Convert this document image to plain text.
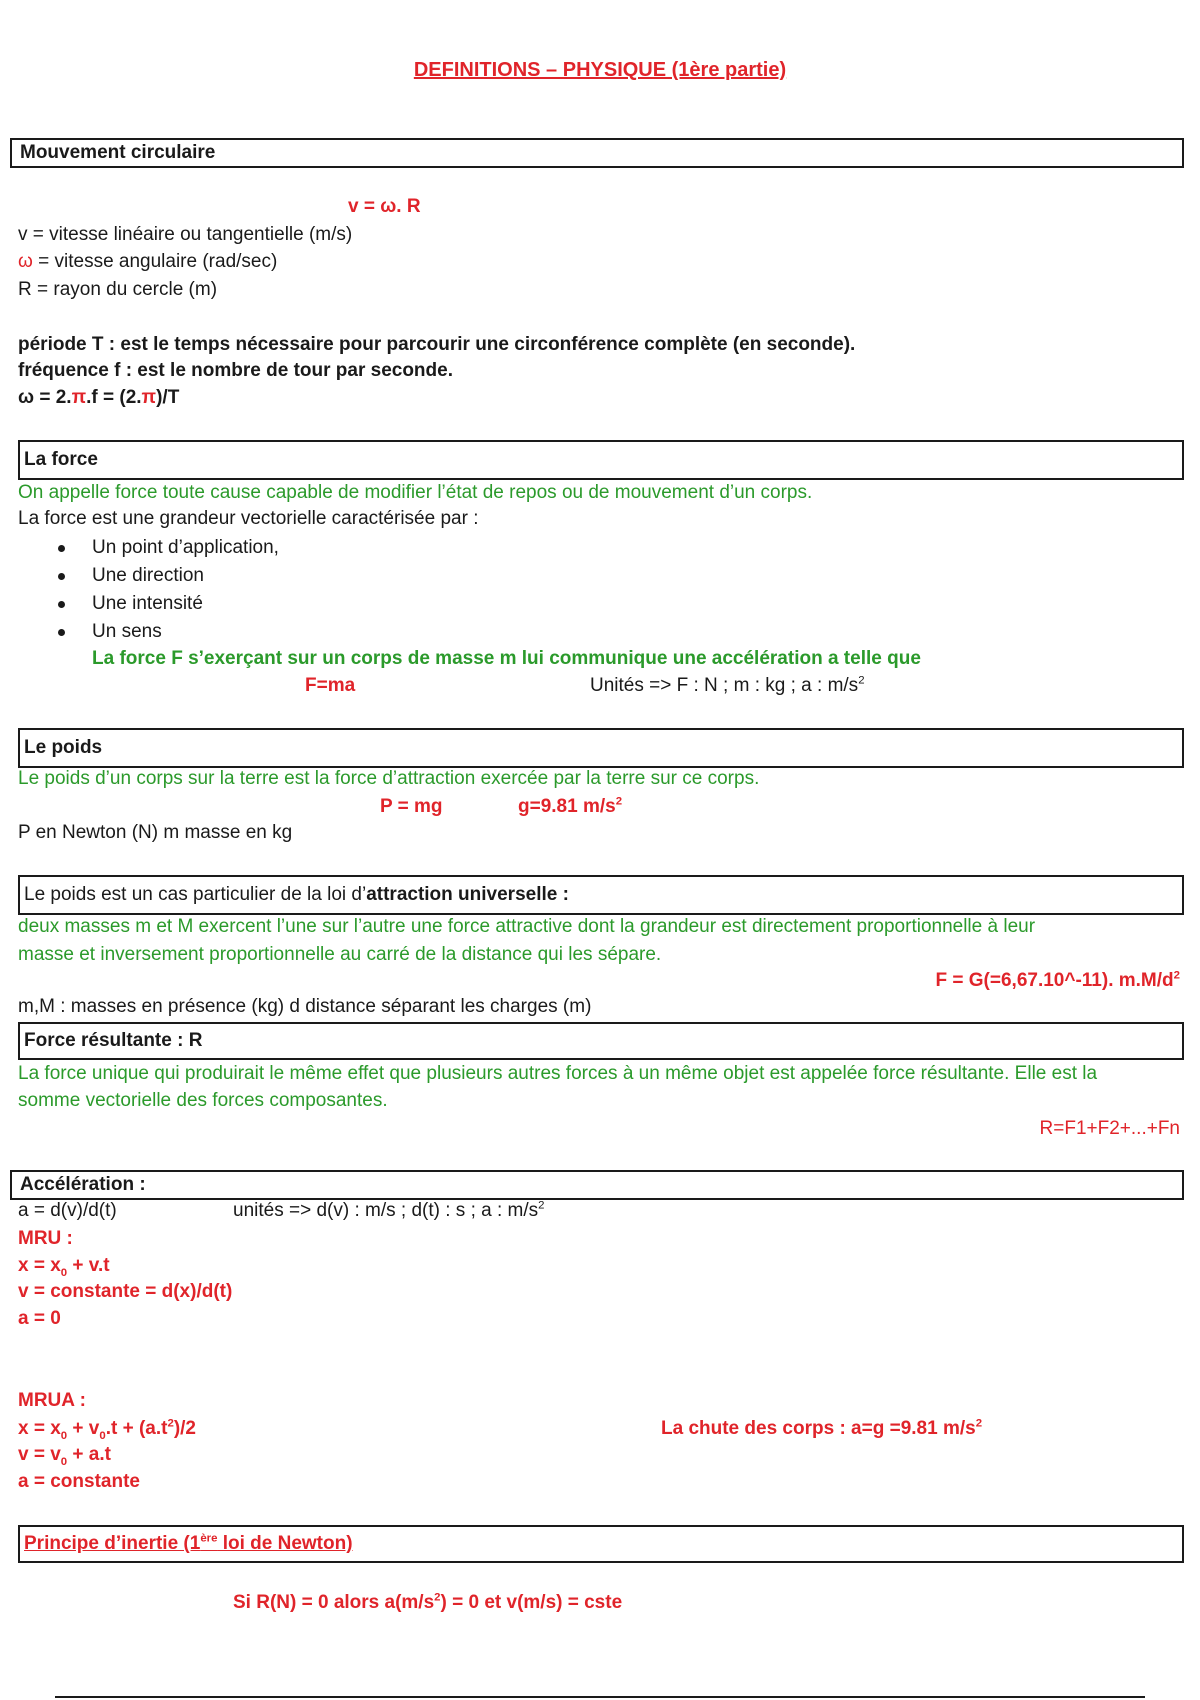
DEFINITIONS – PHYSIQUE (1ère partie)
Mouvement circulaire
v = ω. R
v = vitesse linéaire ou tangentielle (m/s)
ω = vitesse angulaire (rad/sec)
R = rayon du cercle (m)
période T : est le temps nécessaire pour parcourir une circonférence complète (en seconde).
fréquence f : est le nombre de tour par seconde.
ω = 2.π.f = (2.π)/T
La force
On appelle force toute cause capable de modifier l’état de repos ou de mouvement d’un corps.
La force est une grandeur vectorielle caractérisée par :
Un point d’application,
Une direction
Une intensité
Un sens
La force F s’exerçant sur un corps de masse m lui communique une accélération a telle que
F=ma	Unités => F : N ; m : kg ; a : $m/s^2$
Le poids
Le poids d’un corps sur la terre est la force d’attraction exercée par la terre sur ce corps.
P = mg	g=9.81 $m/s^2$
P en Newton (N) m masse en kg
Le poids est un cas particulier de la loi d’attraction universelle :
deux masses m et M exercent l’une sur l’autre une force attractive dont la grandeur est directement proportionnelle à leur
masse et inversement proportionnelle au carré de la distance qui les sépare.
F = G(=6,67.10^-11). $m.M/d^2$
m,M : masses en présence (kg) d distance séparant les charges (m)
Force résultante : R
La force unique qui produirait le même effet que plusieurs autres forces à un même objet est appelée force résultante. Elle est la
somme vectorielle des forces composantes.
R=F1+F2+...+Fn
Accélération :
a = d(v)/d(t)	unités => d(v) : m/s ; d(t) : s ; a : $m/s^2$
MRU :
$x = x_0 + v.t$
v = constante = d(x)/d(t)
a = 0
MRUA :
$x = x_0 + v_0.t + (a.t^2)/2$
$v = v_0 + a.t$
a = constante
La chute des corps : a=g =9.81 $m/s^2$
Principe d’inertie (1ère loi de Newton)
Si R(N) = 0 alors $a(m/s^2) = 0$ et v(m/s) = cste
